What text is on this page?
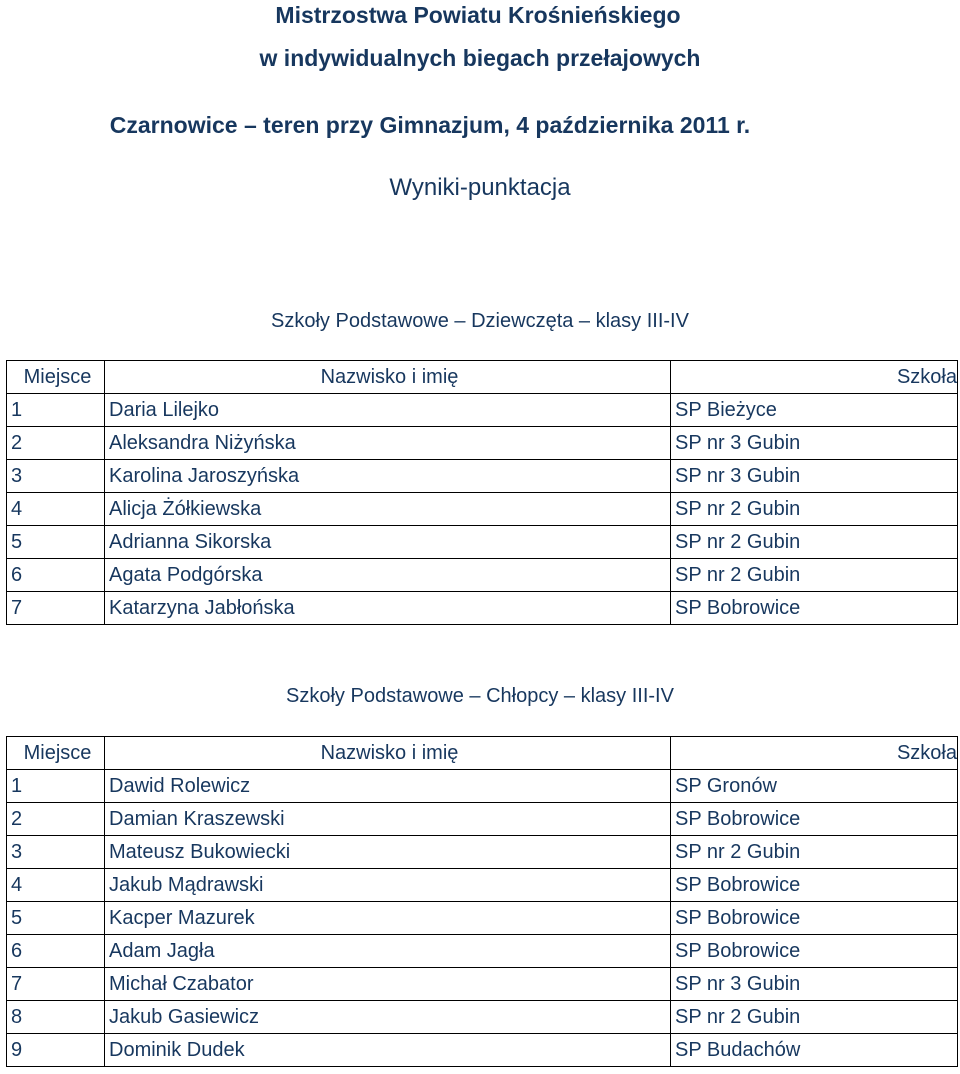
Mistrzostwa Powiatu Krośnieńskiego
w indywidualnych biegach przełajowych
Czarnowice – teren przy Gimnazjum, 4 października 2011 r.
Wyniki-punktacja
Szkoły Podstawowe – Dziewczęta – klasy III-IV
Miejsce	Nazwisko i imię	Szkoła
1	Daria Lilejko	SP Bieżyce
2	Aleksandra Niżyńska	SP nr 3 Gubin
3	Karolina Jaroszyńska	SP nr 3 Gubin
4	Alicja Żółkiewska	SP nr 2 Gubin
5	Adrianna Sikorska	SP nr 2 Gubin
6	Agata Podgórska	SP nr 2 Gubin
7	Katarzyna Jabłońska	SP Bobrowice
Szkoły Podstawowe – Chłopcy – klasy III-IV
Miejsce	Nazwisko i imię	Szkoła
1	Dawid Rolewicz	SP Gronów
2	Damian Kraszewski	SP Bobrowice
3	Mateusz Bukowiecki	SP nr 2 Gubin
4	Jakub Mądrawski	SP Bobrowice
5	Kacper Mazurek	SP Bobrowice
6	Adam Jagła	SP Bobrowice
7	Michał Czabator	SP nr 3 Gubin
8	Jakub Gasiewicz	SP nr 2 Gubin
9	Dominik Dudek	SP Budachów
